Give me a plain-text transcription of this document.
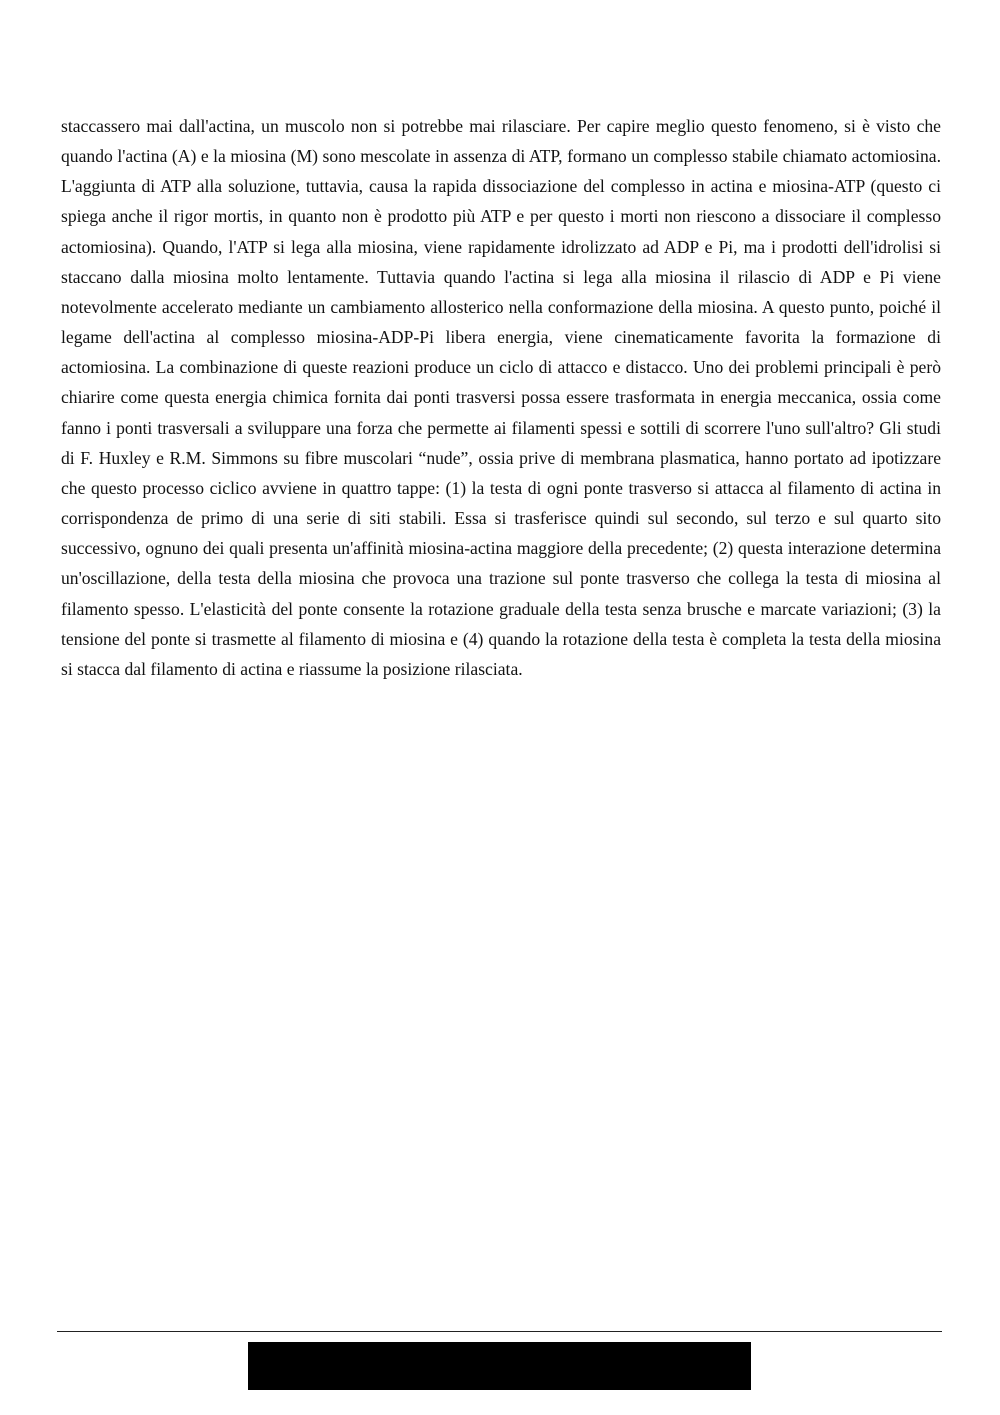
staccassero mai dall'actina, un muscolo non si potrebbe mai rilasciare. Per capire meglio questo fenomeno, si è visto che quando l'actina (A) e la miosina (M) sono mescolate in assenza di ATP, formano un complesso stabile chiamato actomiosina. L'aggiunta di ATP alla soluzione, tuttavia, causa la rapida dissociazione del complesso in actina e miosina-ATP (questo ci spiega anche il rigor mortis, in quanto non è prodotto più ATP e per questo i morti non riescono a dissociare il complesso actomiosina). Quando, l'ATP si lega alla miosina, viene rapidamente idrolizzato ad ADP e Pi, ma i prodotti dell'idrolisi si staccano dalla miosina molto lentamente. Tuttavia quando l'actina si lega alla miosina il rilascio di ADP e Pi viene notevolmente accelerato mediante un cambiamento allosterico nella conformazione della miosina. A questo punto, poiché il legame dell'actina al complesso miosina-ADP-Pi libera energia, viene cinematicamente favorita la formazione di actomiosina. La combinazione di queste reazioni produce un ciclo di attacco e distacco. Uno dei problemi principali è però chiarire come questa energia chimica fornita dai ponti trasversi possa essere trasformata in energia meccanica, ossia come fanno i ponti trasversali a sviluppare una forza che permette ai filamenti spessi e sottili di scorrere l'uno sull'altro? Gli studi di F. Huxley e R.M. Simmons su fibre muscolari “nude”, ossia prive di membrana plasmatica, hanno portato ad ipotizzare che questo processo ciclico avviene in quattro tappe: (1) la testa di ogni ponte trasverso si attacca al filamento di actina in corrispondenza de primo di una serie di siti stabili. Essa si trasferisce quindi sul secondo, sul terzo e sul quarto sito successivo, ognuno dei quali presenta un'affinità miosina-actina maggiore della precedente; (2) questa interazione determina un'oscillazione, della testa della miosina che provoca una trazione sul ponte trasverso che collega la testa di miosina al filamento spesso. L'elasticità del ponte consente la rotazione graduale della testa senza brusche e marcate variazioni; (3) la tensione del ponte si trasmette al filamento di miosina e (4) quando la rotazione della testa è completa la testa della miosina si stacca dal filamento di actina e riassume la posizione rilasciata.
